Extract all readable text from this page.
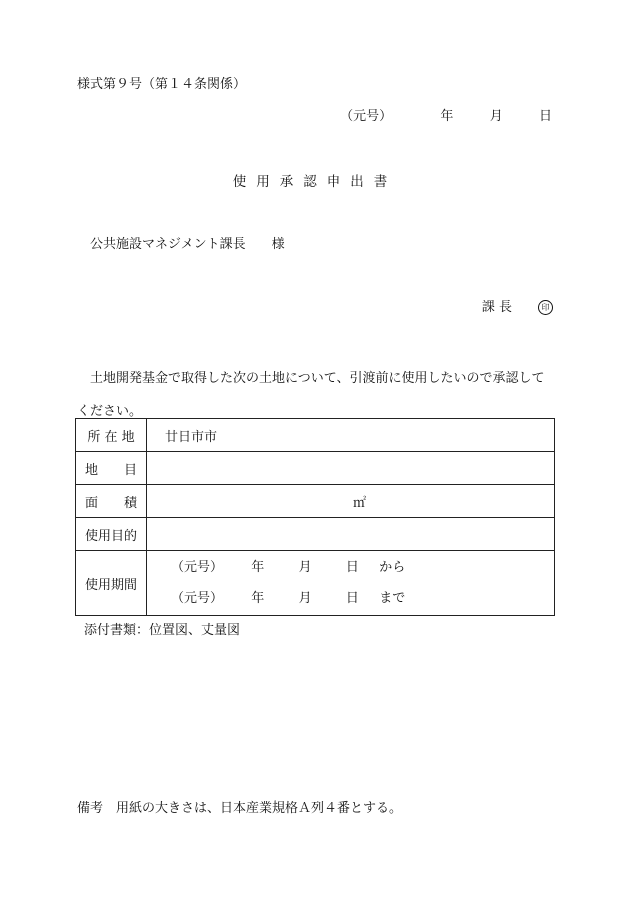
様式第９号（第１４条関係）
（元号）	年	月	日
使用承認申出書
公共施設マネジメント課長 様
課 長	印
土地開発基金で取得した次の土地について、引渡前に使用したいので承認してください。
所 在 地	廿日市市
地　　目	
面　　積	㎡
使用目的	
使用期間	（元号） 年 月 日 から
（元号） 年 月 日 まで
添付書類：位置図、丈量図
備考　用紙の大きさは、日本産業規格Ａ列４番とする。
